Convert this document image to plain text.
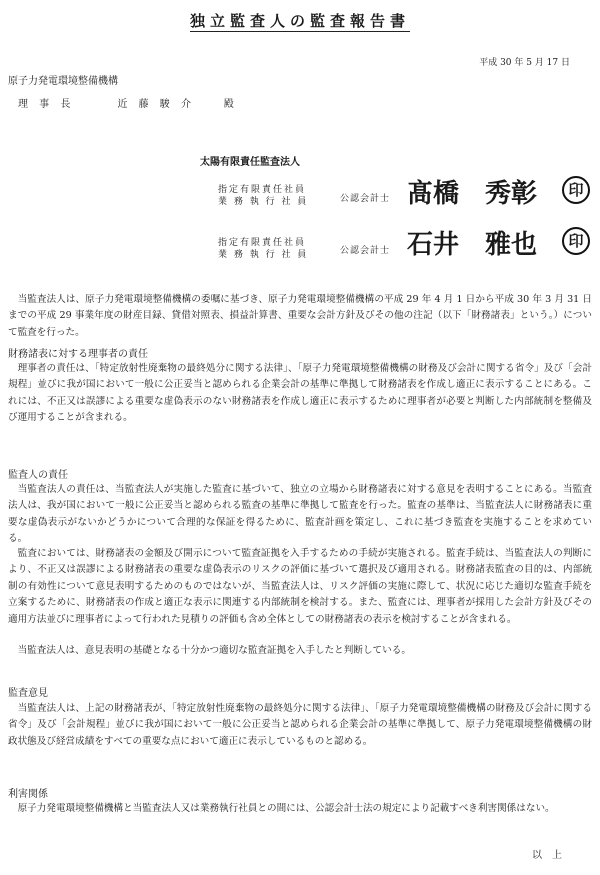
独立監査人の監査報告書
平成 30 年 5 月 17 日
原子力発電環境整備機構
理 事 長	近 藤 駿 介	殿
太陽有限責任監査法人
指定有限責任社員
業 務 執 行 社 員	公認会計士 髙橋　秀彰	印
指定有限責任社員
業 務 執 行 社 員	公認会計士 石井　雅也	印
当監査法人は、原子力発電環境整備機構の委嘱に基づき、原子力発電環境整備機構の平成 29 年 4 月 1 日から平成 30 年 3 月 31 日までの平成 29 事業年度の財産目録、貸借対照表、損益計算書、重要な会計方針及びその他の注記（以下「財務諸表」という。）について監査を行った。
財務諸表に対する理事者の責任
理事者の責任は、「特定放射性廃棄物の最終処分に関する法律」、「原子力発電環境整備機構の財務及び会計に関する省令」及び「会計規程」並びに我が国において一般に公正妥当と認められる企業会計の基準に準拠して財務諸表を作成し適正に表示することにある。これには、不正又は誤謬による重要な虚偽表示のない財務諸表を作成し適正に表示するために理事者が必要と判断した内部統制を整備及び運用することが含まれる。
監査人の責任
当監査法人の責任は、当監査法人が実施した監査に基づいて、独立の立場から財務諸表に対する意見を表明することにある。当監査法人は、我が国において一般に公正妥当と認められる監査の基準に準拠して監査を行った。監査の基準は、当監査法人に財務諸表に重要な虚偽表示がないかどうかについて合理的な保証を得るために、監査計画を策定し、これに基づき監査を実施することを求めている。
監査においては、財務諸表の金額及び開示について監査証拠を入手するための手続が実施される。監査手続は、当監査法人の判断により、不正又は誤謬による財務諸表の重要な虚偽表示のリスクの評価に基づいて選択及び適用される。財務諸表監査の目的は、内部統制の有効性について意見表明するためのものではないが、当監査法人は、リスク評価の実施に際して、状況に応じた適切な監査手続を立案するために、財務諸表の作成と適正な表示に関連する内部統制を検討する。また、監査には、理事者が採用した会計方針及びその適用方法並びに理事者によって行われた見積りの評価も含め全体としての財務諸表の表示を検討することが含まれる。
当監査法人は、意見表明の基礎となる十分かつ適切な監査証拠を入手したと判断している。
監査意見
当監査法人は、上記の財務諸表が、「特定放射性廃棄物の最終処分に関する法律」、「原子力発電環境整備機構の財務及び会計に関する省令」及び「会計規程」並びに我が国において一般に公正妥当と認められる企業会計の基準に準拠して、原子力発電環境整備機構の財政状態及び経営成績をすべての重要な点において適正に表示しているものと認める。
利害関係
原子力発電環境整備機構と当監査法人又は業務執行社員との間には、公認会計士法の規定により記載すべき利害関係はない。
以上
